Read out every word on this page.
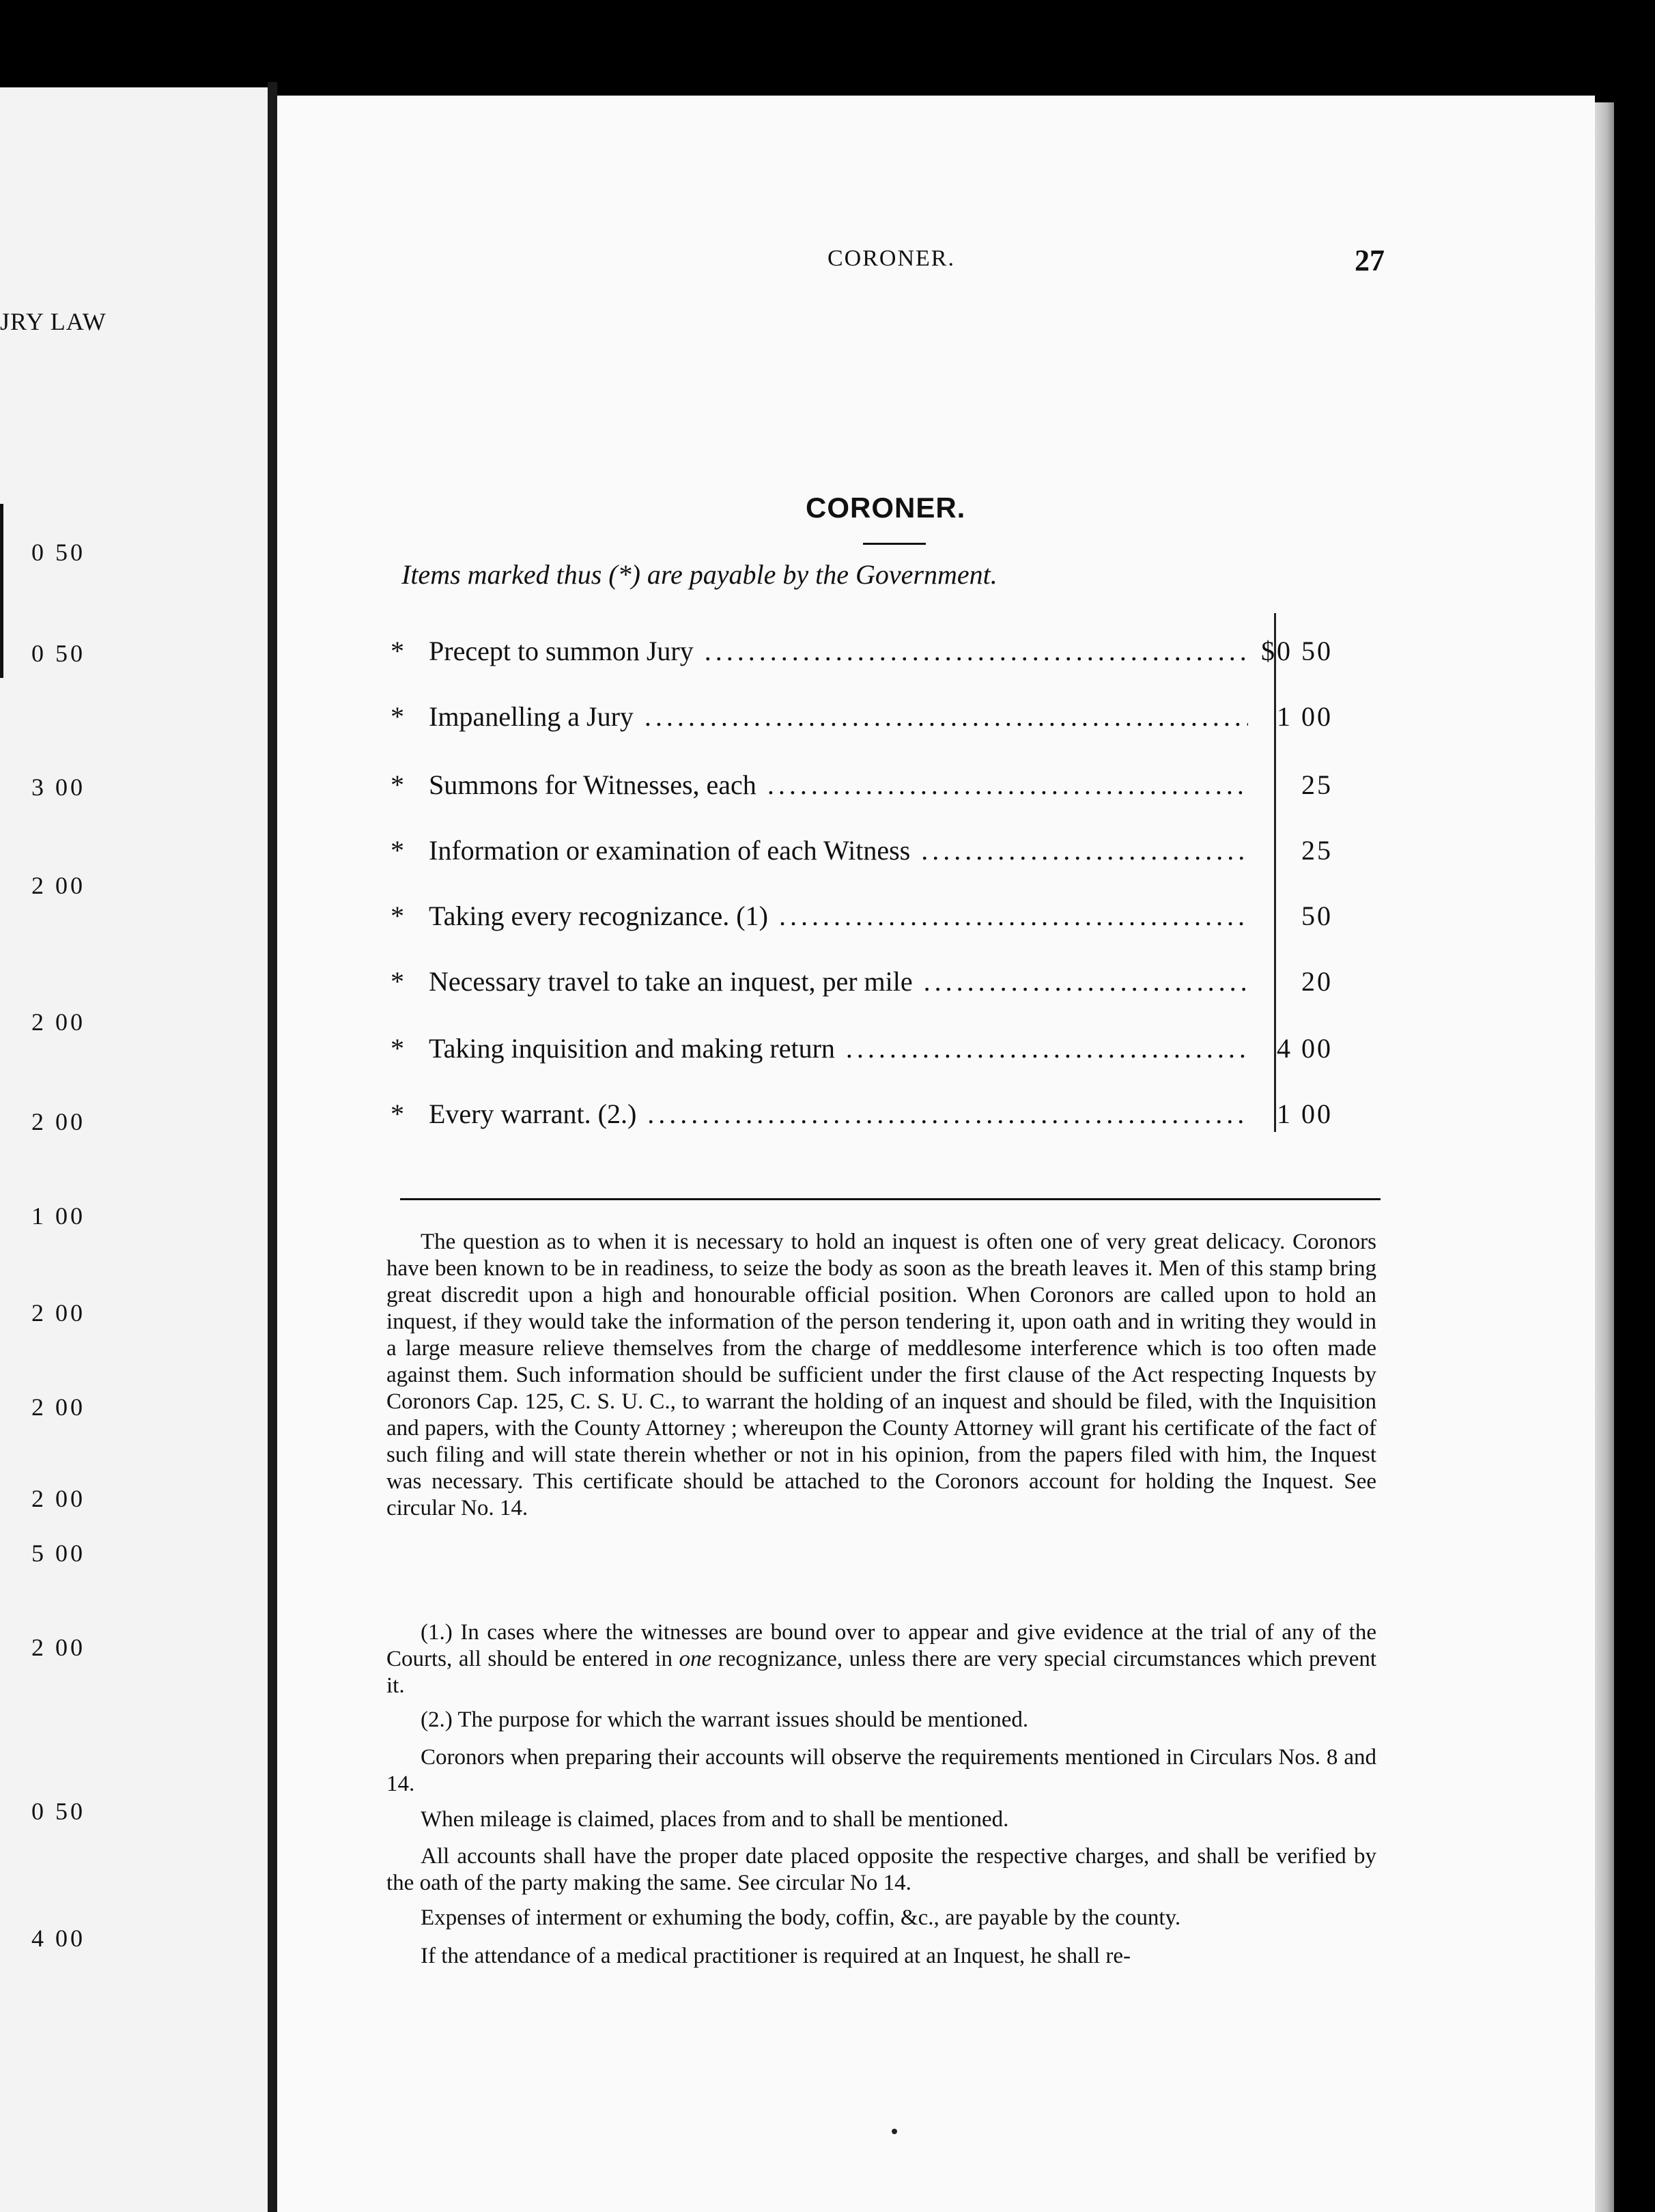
JRY LAW
0 50
0 50
3 00
2 00
2 00
2 00
1 00
2 00
2 00
2 00
5 00
2 00
0 50
4 00
CORONER.	27
CORONER.
Items marked thus (*) are payable by the Government.
* Precept to summon Jury .....	$0 50
* Impanelling a Jury .....	1 00
* Summons for Witnesses, each .....	25
* Information or examination of each Witness .....	25
* Taking every recognizance. (1) .....	50
* Necessary travel to take an inquest, per mile .....	20
* Taking inquisition and making return .....	4 00
* Every warrant. (2.) .....	1 00
The question as to when it is necessary to hold an inquest is often one of very great delicacy. Coronors have been known to be in readiness, to seize the body as soon as the breath leaves it. Men of this stamp bring great discredit upon a high and honourable official position. When Coronors are called upon to hold an inquest, if they would take the information of the person tendering it, upon oath and in writing they would in a large measure relieve themselves from the charge of meddlesome interference which is too often made against them. Such information should be sufficient under the first clause of the Act respecting Inquests by Coronors Cap. 125, C. S. U. C., to warrant the holding of an inquest and should be filed, with the Inquisition and papers, with the County Attorney ; whereupon the County Attorney will grant his certificate of the fact of such filing and will state therein whether or not in his opinion, from the papers filed with him, the Inquest was necessary. This certificate should be attached to the Coronors account for holding the Inquest. See circular No. 14.
(1.) In cases where the witnesses are bound over to appear and give evidence at the trial of any of the Courts, all should be entered in one recognizance, unless there are very special circumstances which prevent it.
(2.) The purpose for which the warrant issues should be mentioned.
Coronors when preparing their accounts will observe the requirements mentioned in Circulars Nos. 8 and 14.
When mileage is claimed, places from and to shall be mentioned.
All accounts shall have the proper date placed opposite the respective charges, and shall be verified by the oath of the party making the same. See circular No 14.
Expenses of interment or exhuming the body, coffin, &c., are payable by the county.
If the attendance of a medical practitioner is required at an Inquest, he shall re-
